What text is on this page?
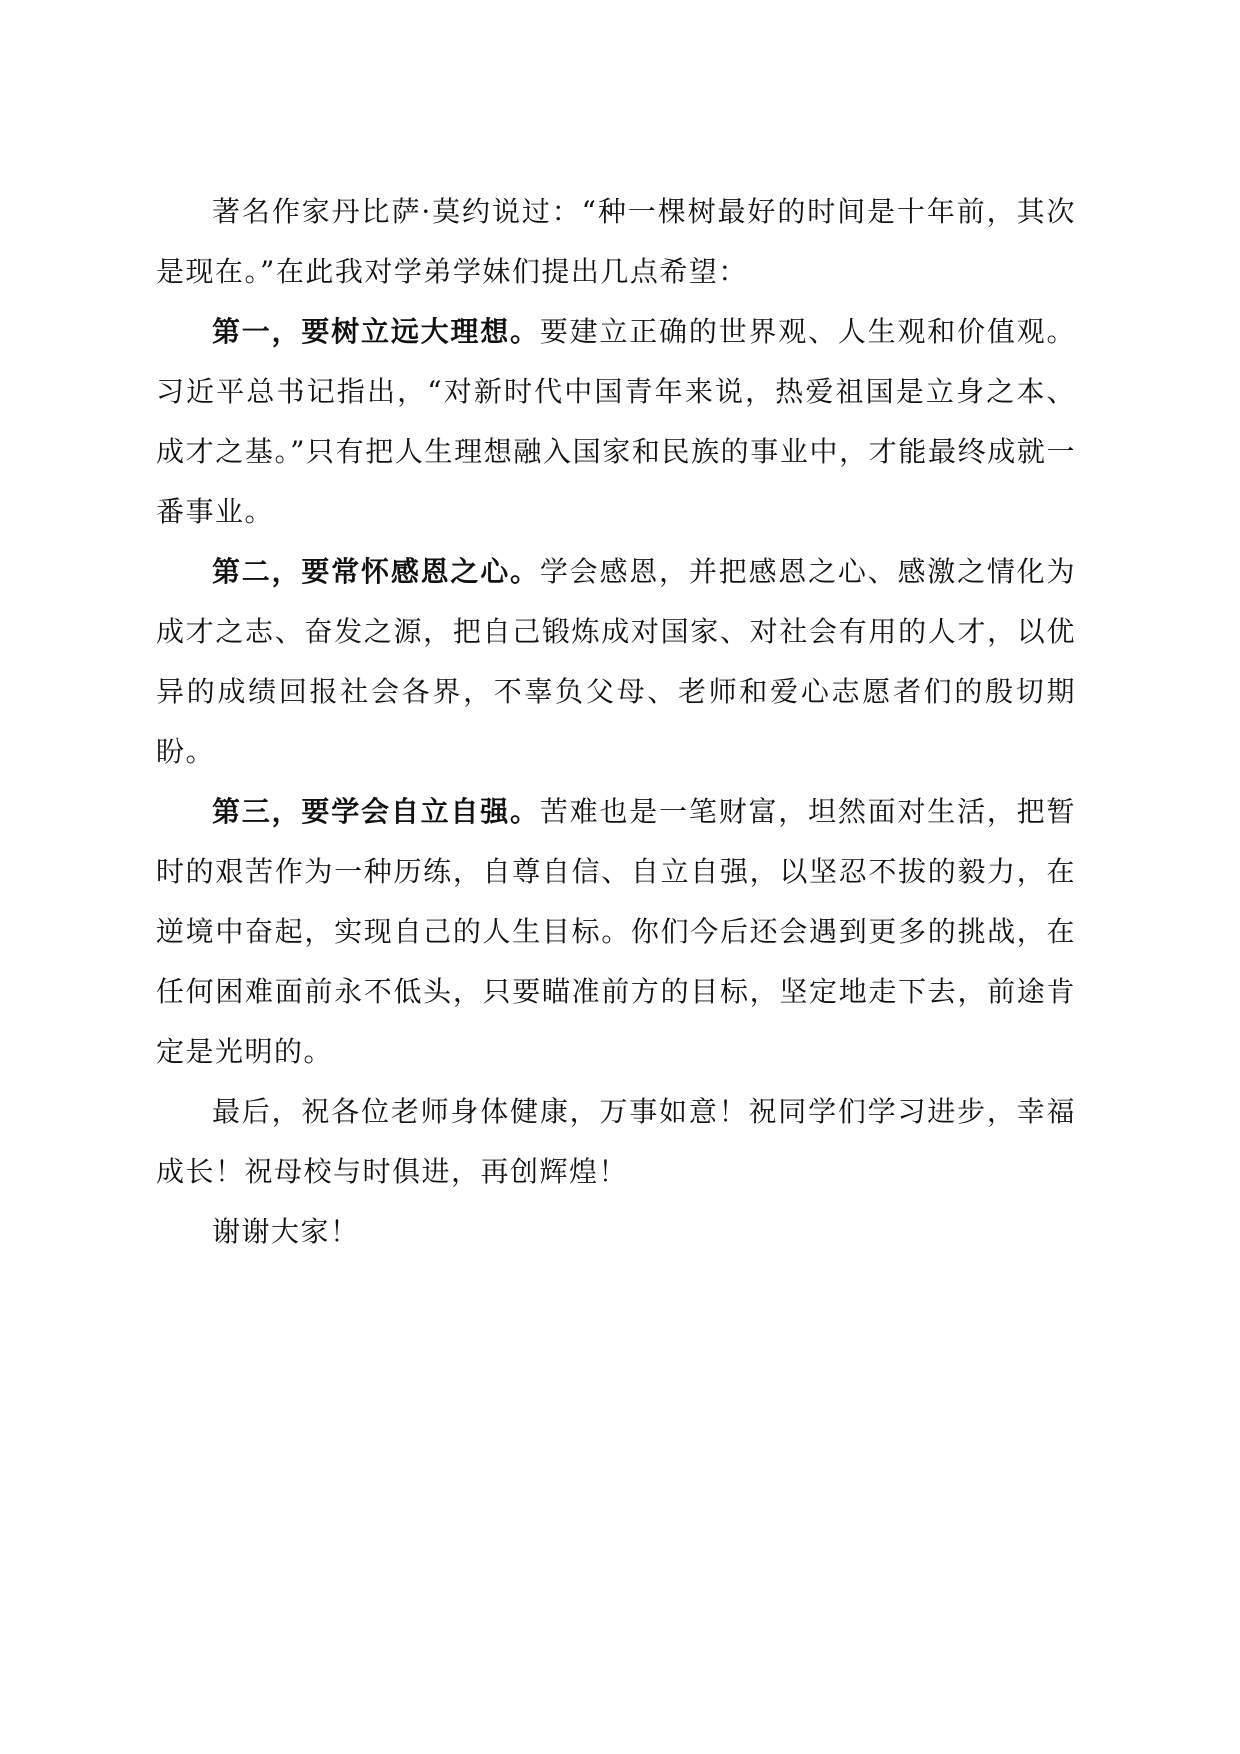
著名作家丹比萨·莫约说过：“种一棵树最好的时间是十年前，其次是现在。”在此我对学弟学妹们提出几点希望：

第一，要树立远大理想。要建立正确的世界观、人生观和价值观。习近平总书记指出，“对新时代中国青年来说，热爱祖国是立身之本、成才之基。”只有把人生理想融入国家和民族的事业中，才能最终成就一番事业。

第二，要常怀感恩之心。学会感恩，并把感恩之心、感激之情化为成才之志、奋发之源，把自己锻炼成对国家、对社会有用的人才，以优异的成绩回报社会各界，不辜负父母、老师和爱心志愿者们的殷切期盼。

第三，要学会自立自强。苦难也是一笔财富，坦然面对生活，把暂时的艰苦作为一种历练，自尊自信、自立自强，以坚忍不拔的毅力，在逆境中奋起，实现自己的人生目标。你们今后还会遇到更多的挑战，在任何困难面前永不低头，只要瞄准前方的目标，坚定地走下去，前途肯定是光明的。

最后，祝各位老师身体健康，万事如意！祝同学们学习进步，幸福成长！祝母校与时俱进，再创辉煌！

谢谢大家！
